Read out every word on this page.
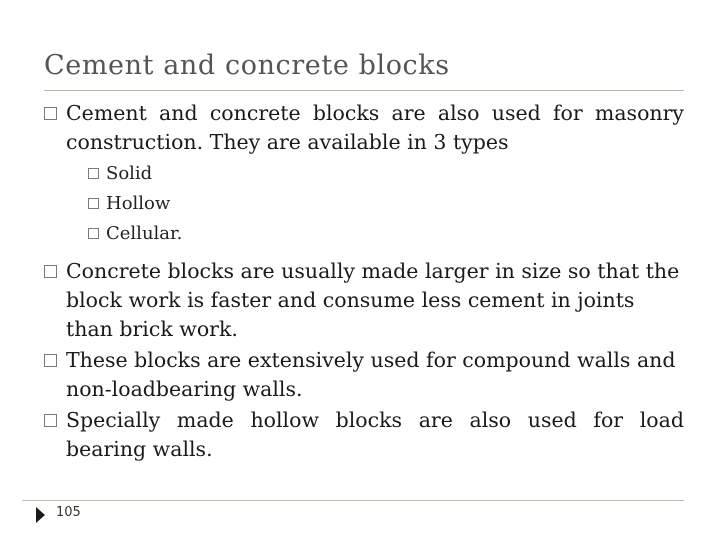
Cement and concrete blocks
Cement and concrete blocks are also used for masonry construction. They are available in 3 types
Solid
Hollow
Cellular.
Concrete blocks are usually made larger in size so that the block work is faster and consume less cement in joints than brick work.
These blocks are extensively used for compound walls and non-loadbearing walls.
Specially made hollow blocks are also used for load bearing walls.
105
